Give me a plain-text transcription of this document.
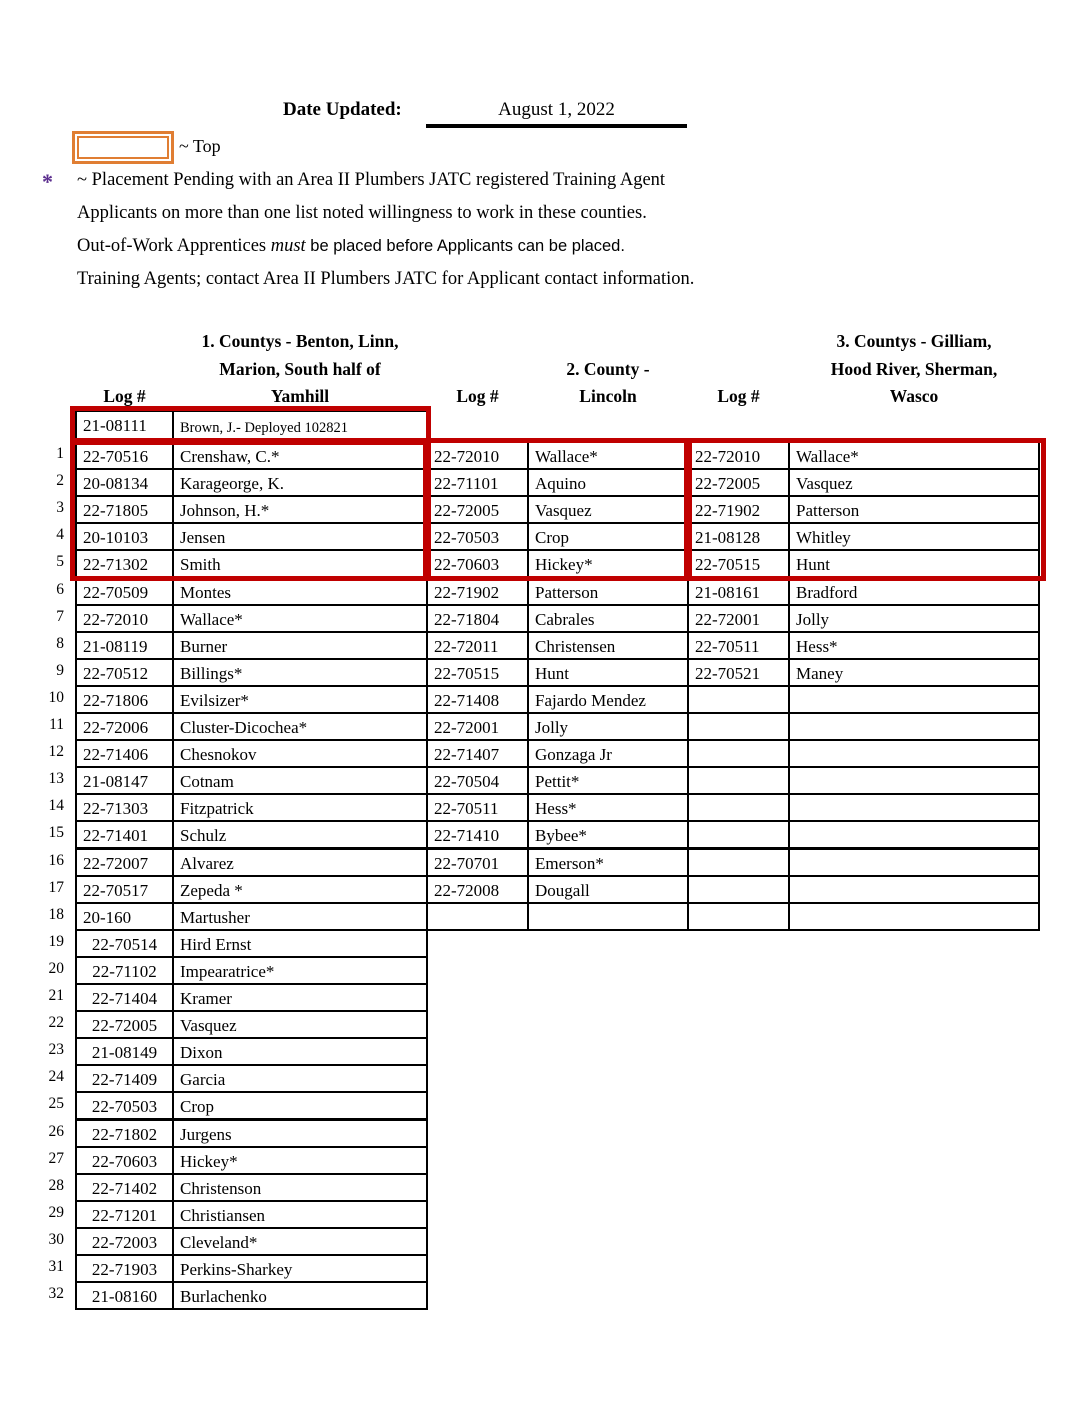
Date Updated:	August 1, 2022
~ Top
* ~ Placement Pending with an Area II Plumbers JATC registered Training Agent
Applicants on more than one list noted willingness to work in these counties.
Out-of-Work Apprentices must be placed before Applicants can be placed.
Training Agents; contact Area II Plumbers JATC for Applicant contact information.
1. Countys - Benton, Linn,
Marion, South half of
Yamhill
Log #
2. County -
Lincoln
Log #
3. Countys - Gilliam,
Hood River, Sherman,
Wasco
Log #
21-08111	Brown, J.- Deployed 102821
1	22-70516	Crenshaw, C.*	22-72010	Wallace*	22-72010	Wallace*
2	20-08134	Karageorge, K.	22-71101	Aquino	22-72005	Vasquez
3	22-71805	Johnson, H.*	22-72005	Vasquez	22-71902	Patterson
4	20-10103	Jensen	22-70503	Crop	21-08128	Whitley
5	22-71302	Smith	22-70603	Hickey*	22-70515	Hunt
6	22-70509	Montes	22-71902	Patterson	21-08161	Bradford
7	22-72010	Wallace*	22-71804	Cabrales	22-72001	Jolly
8	21-08119	Burner	22-72011	Christensen	22-70511	Hess*
9	22-70512	Billings*	22-70515	Hunt	22-70521	Maney
10	22-71806	Evilsizer*	22-71408	Fajardo Mendez
11	22-72006	Cluster-Dicochea*	22-72001	Jolly
12	22-71406	Chesnokov	22-71407	Gonzaga Jr
13	21-08147	Cotnam	22-70504	Pettit*
14	22-71303	Fitzpatrick	22-70511	Hess*
15	22-71401	Schulz	22-71410	Bybee*
16	22-72007	Alvarez	22-70701	Emerson*
17	22-70517	Zepeda *	22-72008	Dougall
18	20-160	Martusher
19	22-70514	Hird Ernst
20	22-71102	Impearatrice*
21	22-71404	Kramer
22	22-72005	Vasquez
23	21-08149	Dixon
24	22-71409	Garcia
25	22-70503	Crop
26	22-71802	Jurgens
27	22-70603	Hickey*
28	22-71402	Christenson
29	22-71201	Christiansen
30	22-72003	Cleveland*
31	22-71903	Perkins-Sharkey
32	21-08160	Burlachenko
